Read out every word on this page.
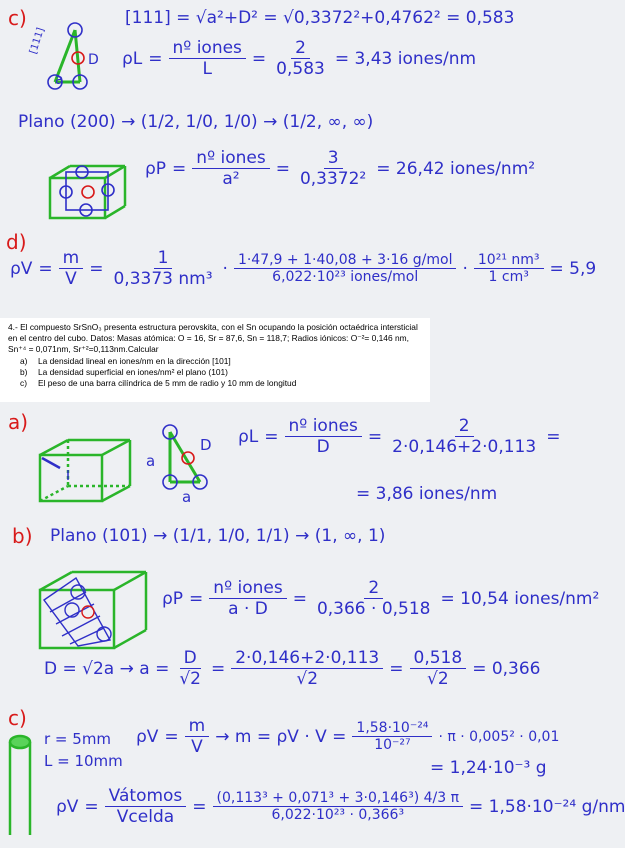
c)
a
[111]
D
[111] = √a²+D² = √0,3372²+0,4762² = 0,583
$\rho L = \frac{\text{nº iones}}{L} = \frac{2}{0,583} = 3,43$ iones/nm
Plano (200) → (1/2, 1/0, 1/0) → (1/2, ∞, ∞)
$\rho P = \frac{\text{nº iones}}{\text{a²}} = \frac{3}{\text{0,3372²}} = 26,42$ iones/nm²
d)
$\rho V = \frac{m}{V} = \frac{1}{\text{0,3373 nm³}} \cdot \frac{\text{1·47,9 + 1·40,08 + 3·16 g/mol}}{\text{6,022·10²³ iones/mol}} \cdot \frac{\text{10²¹ nm³}}{\text{1 cm³}} = 5,9$
4.- El compuesto SrSnO₃ presenta estructura perovskita, con el Sn ocupando la posición octaédrica intersticial en el centro del cubo. Datos: Masas atómica: O = 16, Sr = 87,6, Sn = 118,7; Radios iónicos: O⁻²= 0,146 nm, Sn⁺⁴ = 0,071nm, Sr⁺²=0,113nm.Calcular
a) La densidad lineal en iones/nm en la dirección [101]
b) La densidad superficial en iones/nm² el plano (101)
c) El peso de una barra cilíndrica de 5 mm de radio y 10 mm de longitud
a)
a
a
D $\rho L = \frac{\text{nº iones}}{D} = \frac{2}{2\cdot 0,146+2\cdot 0,113}$ =
= 3,86 iones/nm
b) Plano (101) → (1/1, 1/0, 1/1) → (1, ∞, 1)
$\rho P = \frac{\text{nº iones}}{a \cdot D} = \frac{2}{0,366 \cdot 0,518} = 10,54$ iones/nm²
$D = √2a \to a = \frac{D}{√2} = \frac{2\cdot 0,146+2\cdot 0,113}{√2} = \frac{0,518}{√2} = 0,366$
c)
r = 5mm
L = 10mm
$\rho V = \frac{m}{V} \to m = \rho V \cdot V = \frac{\text{1,58·10⁻²⁴}}{\text{10⁻²⁷}} \cdot \pi \cdot 0,005^2 \cdot 0,01$
= 1,24·10⁻³ g
$\rho V = \frac{\text{Vátomos}}{\text{Vcelda}} = \frac{\text{(0,113³ + 0,071³ + 3·0,146³) 4/3 π}}{\text{6,022·10²³ · 0,366³}} = 1,58\cdot 10^{-24}$ g/nm
